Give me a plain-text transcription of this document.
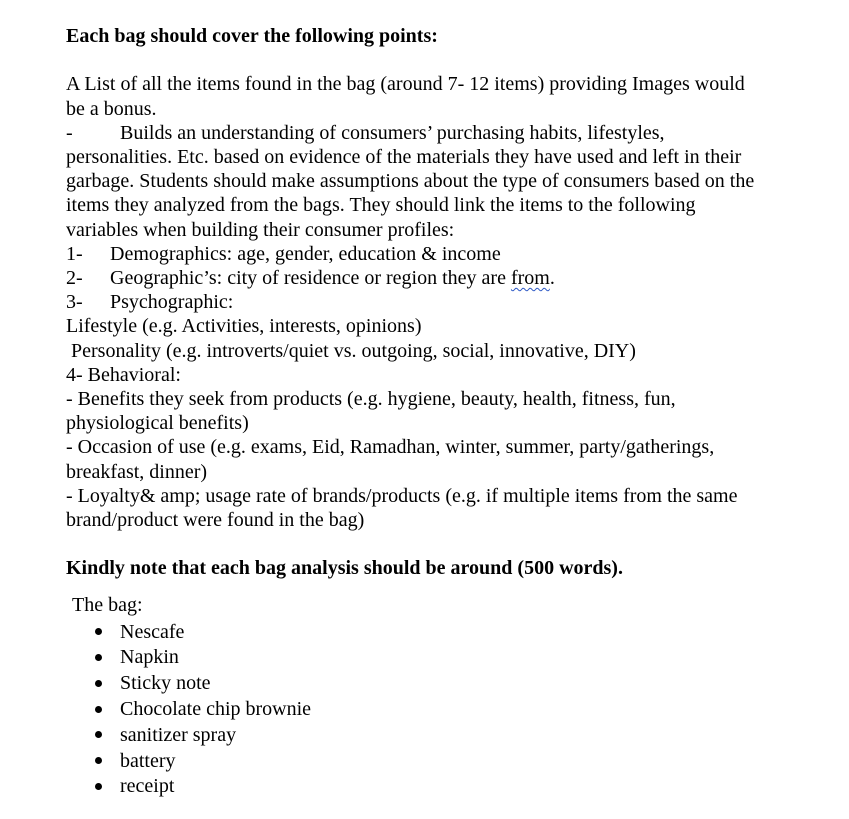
Each bag should cover the following points:

A List of all the items found in the bag (around 7- 12 items) providing Images would be a bonus.

- Builds an understanding of consumers’ purchasing habits, lifestyles, personalities. Etc. based on evidence of the materials they have used and left in their garbage. Students should make assumptions about the type of consumers based on the items they analyzed from the bags. They should link the items to the following variables when building their consumer profiles:

1-	Demographics: age, gender, education & income
2-	Geographic’s: city of residence or region they are from.
3-	Psychographic:

Lifestyle (e.g. Activities, interests, opinions)

Personality (e.g. introverts/quiet vs. outgoing, social, innovative, DIY)

4- Behavioral:

- Benefits they seek from products (e.g. hygiene, beauty, health, fitness, fun, physiological benefits)

- Occasion of use (e.g. exams, Eid, Ramadhan, winter, summer, party/gatherings, breakfast, dinner)

- Loyalty& amp; usage rate of brands/products (e.g. if multiple items from the same brand/product were found in the bag)

Kindly note that each bag analysis should be around (500 words).

The bag:

Nescafe
Napkin
Sticky note
Chocolate chip brownie
sanitizer spray
battery
receipt
